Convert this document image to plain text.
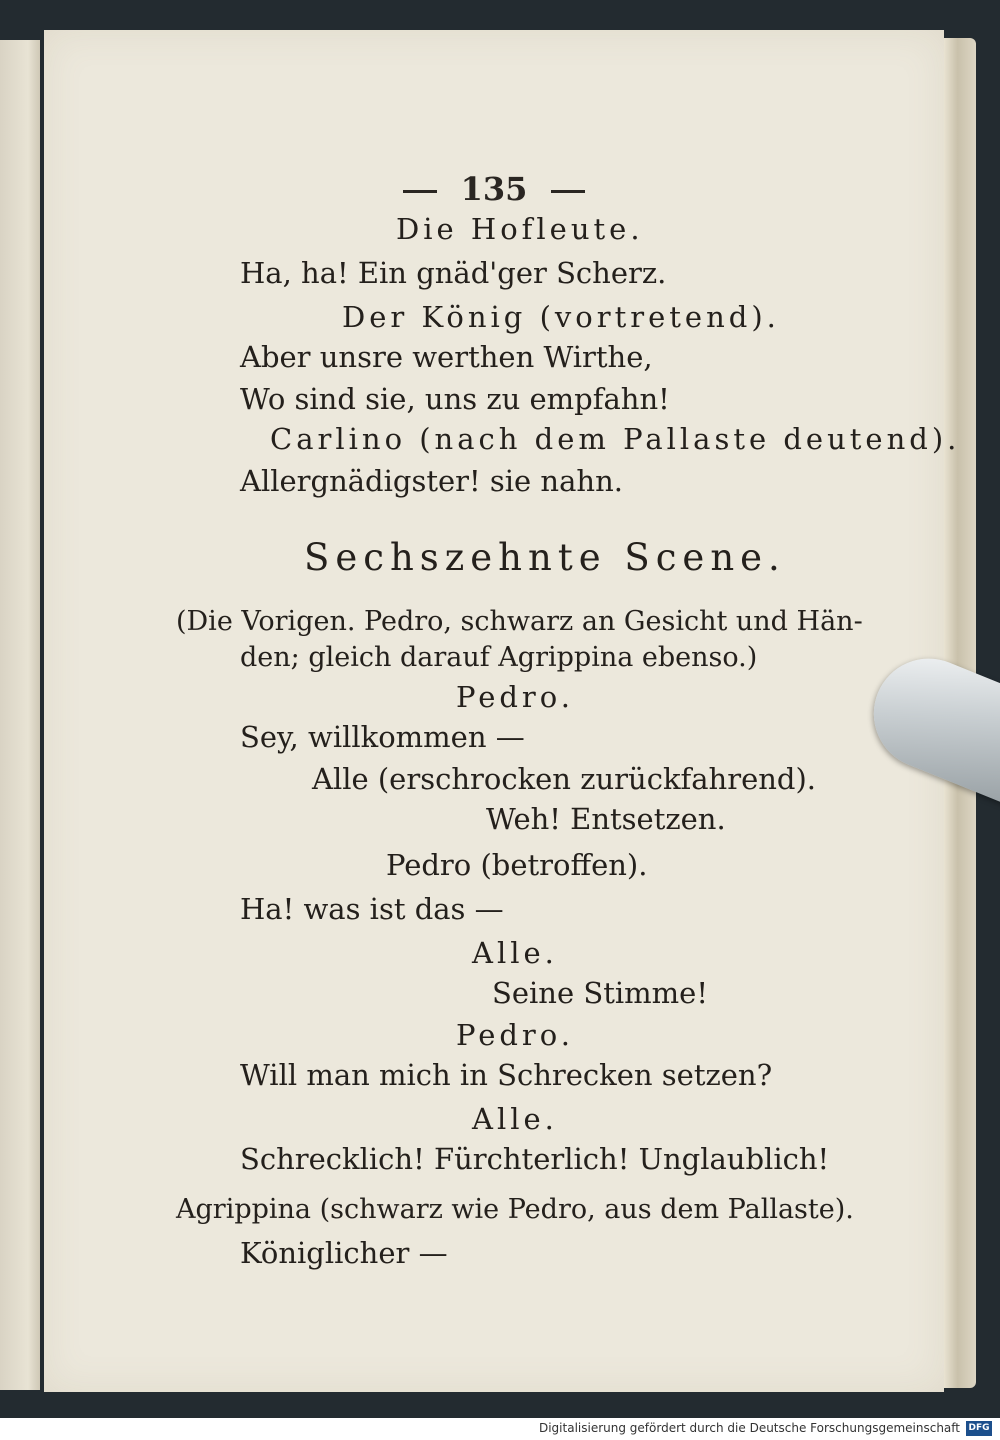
135
Die Hofleute.
Ha, ha! Ein gnäd'ger Scherz.
Der König (vortretend).
Aber unsre werthen Wirthe,
Wo sind sie, uns zu empfahn!
Carlino (nach dem Pallaste deutend).
Allergnädigster! sie nahn.
Sechszehnte Scene.
(Die Vorigen. Pedro, schwarz an Gesicht und Hän-
den; gleich darauf Agrippina ebenso.)
Pedro.
Sey, willkommen —
Alle (erschrocken zurückfahrend).
Weh! Entsetzen.
Pedro (betroffen).
Ha! was ist das —
Alle.
Seine Stimme!
Pedro.
Will man mich in Schrecken setzen?
Alle.
Schrecklich! Fürchterlich! Unglaublich!
Agrippina (schwarz wie Pedro, aus dem Pallaste).
Königlicher —
Digitalisierung gefördert durch die Deutsche Forschungsgemeinschaft DFG
